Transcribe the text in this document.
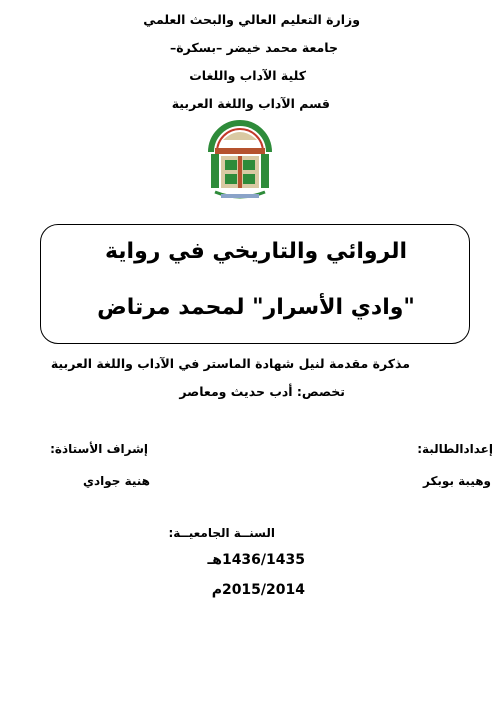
وزارة التعليم العالي والبحث العلمي
جامعة محمد خيضر –بسكرة–
كلية الآداب واللغات
قسم الآداب واللغة العربية
الروائي والتاريخي في رواية
"وادي الأسرار" لمحمد مرتاض
مذكرة مقدمة لنيل شهادة الماستر في الآداب واللغة العربية
تخصص: أدب حديث ومعاصر
إعدادالطالبة:
وهيبة بوبكر
إشراف الأستاذة:
هنية جوادي
السنــة الجامعيــة:
1436/1435هـ
2015/2014م
